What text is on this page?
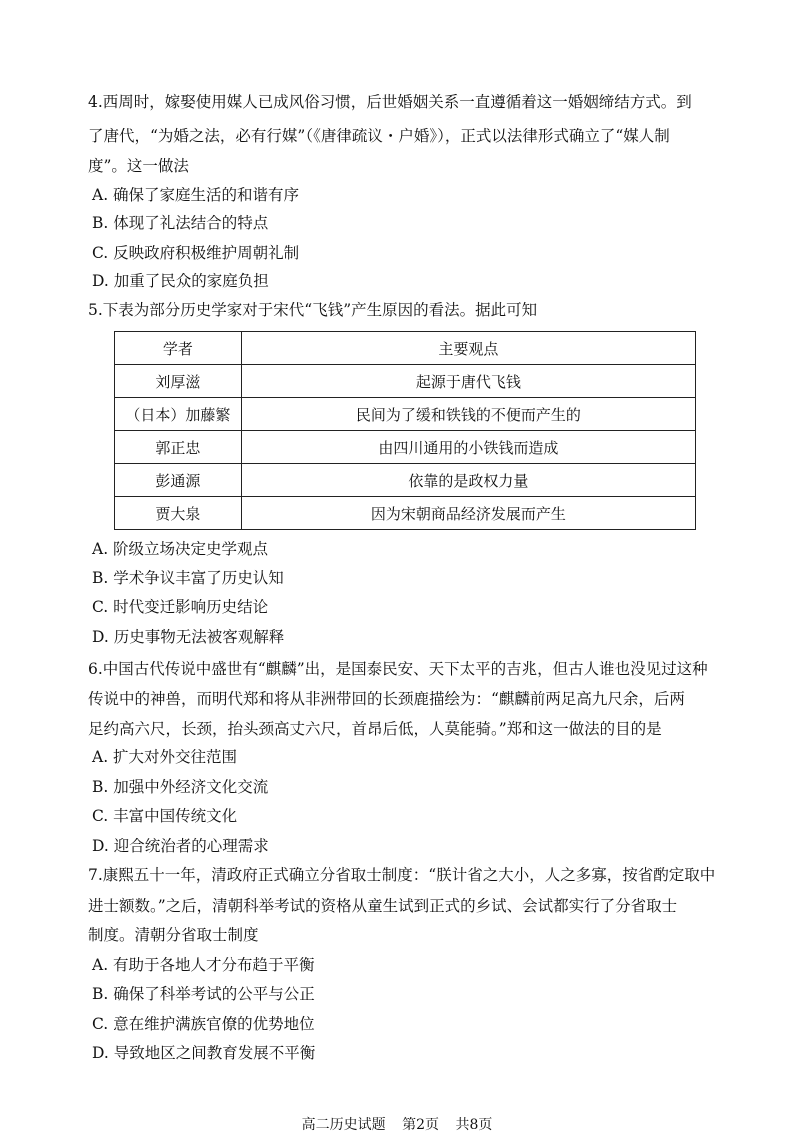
4.西周时，嫁娶使用媒人已成风俗习惯，后世婚姻关系一直遵循着这一婚姻缔结方式。到
了唐代，“为婚之法，必有行媒”（《唐律疏议・户婚》），正式以法律形式确立了“媒人制
度”。这一做法
A. 确保了家庭生活的和谐有序
B. 体现了礼法结合的特点
C. 反映政府积极维护周朝礼制
D. 加重了民众的家庭负担
5.下表为部分历史学家对于宋代“飞钱”产生原因的看法。据此可知
学者	主要观点
刘厚滋	起源于唐代飞钱
（日本）加藤繁	民间为了缓和铁钱的不便而产生的
郭正忠	由四川通用的小铁钱而造成
彭通源	依靠的是政权力量
贾大泉	因为宋朝商品经济发展而产生
A. 阶级立场决定史学观点
B. 学术争议丰富了历史认知
C. 时代变迁影响历史结论
D. 历史事物无法被客观解释
6.中国古代传说中盛世有“麒麟”出，是国泰民安、天下太平的吉兆，但古人谁也没见过这种
传说中的神兽，而明代郑和将从非洲带回的长颈鹿描绘为：“麒麟前两足高九尺余，后两
足约高六尺，长颈，抬头颈高丈六尺，首昂后低，人莫能骑。”郑和这一做法的目的是
A. 扩大对外交往范围
B. 加强中外经济文化交流
C. 丰富中国传统文化
D. 迎合统治者的心理需求
7.康熙五十一年，清政府正式确立分省取士制度：“朕计省之大小，人之多寡，按省酌定取中
进士额数。”之后，清朝科举考试的资格从童生试到正式的乡试、会试都实行了分省取士
制度。清朝分省取士制度
A. 有助于各地人才分布趋于平衡
B. 确保了科举考试的公平与公正
C. 意在维护满族官僚的优势地位
D. 导致地区之间教育发展不平衡
高二历史试题 第2页 共8页
